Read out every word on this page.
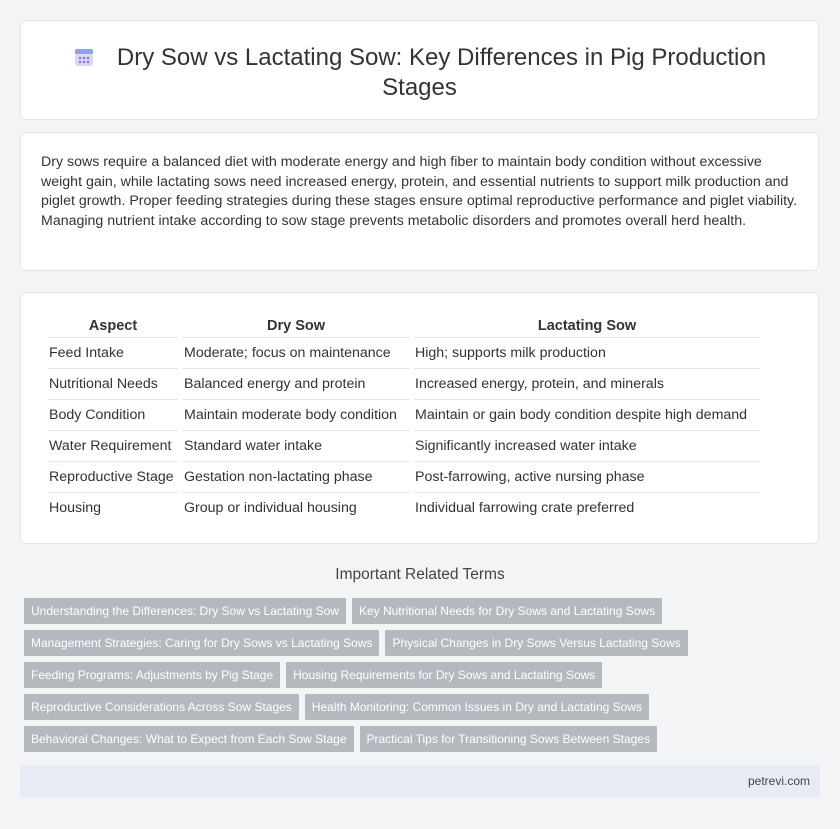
Dry Sow vs Lactating Sow: Key Differences in Pig Production Stages
Dry sows require a balanced diet with moderate energy and high fiber to maintain body condition without excessive weight gain, while lactating sows need increased energy, protein, and essential nutrients to support milk production and piglet growth. Proper feeding strategies during these stages ensure optimal reproductive performance and piglet viability. Managing nutrient intake according to sow stage prevents metabolic disorders and promotes overall herd health.
Aspect	Dry Sow	Lactating Sow
Feed Intake	Moderate; focus on maintenance	High; supports milk production
Nutritional Needs	Balanced energy and protein	Increased energy, protein, and minerals
Body Condition	Maintain moderate body condition	Maintain or gain body condition despite high demand
Water Requirement	Standard water intake	Significantly increased water intake
Reproductive Stage	Gestation non-lactating phase	Post-farrowing, active nursing phase
Housing	Group or individual housing	Individual farrowing crate preferred
Important Related Terms
Understanding the Differences: Dry Sow vs Lactating Sow	Key Nutritional Needs for Dry Sows and Lactating Sows
Management Strategies: Caring for Dry Sows vs Lactating Sows	Physical Changes in Dry Sows Versus Lactating Sows
Feeding Programs: Adjustments by Pig Stage	Housing Requirements for Dry Sows and Lactating Sows
Reproductive Considerations Across Sow Stages	Health Monitoring: Common Issues in Dry and Lactating Sows
Behavioral Changes: What to Expect from Each Sow Stage	Practical Tips for Transitioning Sows Between Stages
petrevi.com
